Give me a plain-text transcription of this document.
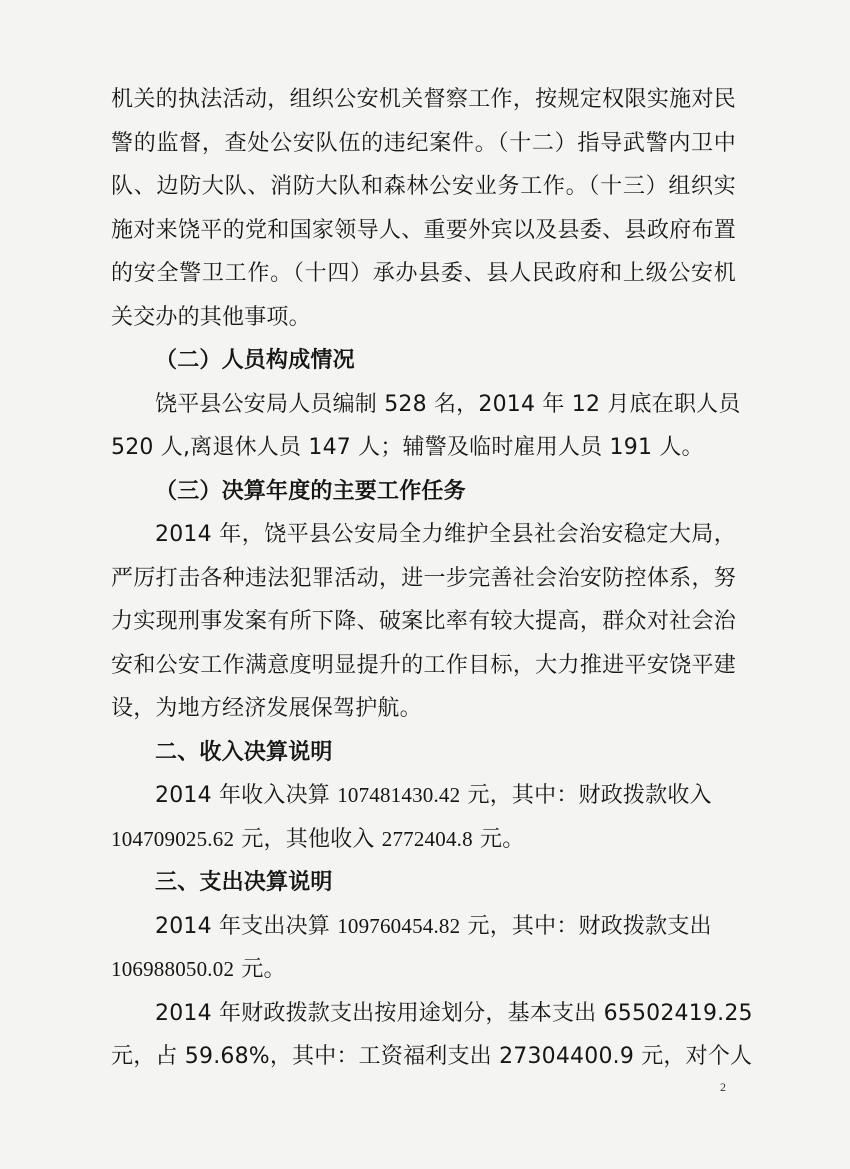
机关的执法活动，组织公安机关督察工作，按规定权限实施对民
警的监督，查处公安队伍的违纪案件。（十二）指导武警内卫中
队、边防大队、消防大队和森林公安业务工作。（十三）组织实
施对来饶平的党和国家领导人、重要外宾以及县委、县政府布置
的安全警卫工作。（十四）承办县委、县人民政府和上级公安机
关交办的其他事项。
（二）人员构成情况
饶平县公安局人员编制 528 名，2014 年 12 月底在职人员
520 人,离退休人员 147 人；辅警及临时雇用人员 191 人。
（三）决算年度的主要工作任务
2014 年，饶平县公安局全力维护全县社会治安稳定大局，
严厉打击各种违法犯罪活动，进一步完善社会治安防控体系，努
力实现刑事发案有所下降、破案比率有较大提高，群众对社会治
安和公安工作满意度明显提升的工作目标，大力推进平安饶平建
设，为地方经济发展保驾护航。
二、收入决算说明
2014 年收入决算 107481430.42 元，其中：财政拨款收入
104709025.62 元，其他收入 2772404.8 元。
三、支出决算说明
2014 年支出决算 109760454.82 元，其中：财政拨款支出
106988050.02 元。
2014 年财政拨款支出按用途划分，基本支出 65502419.25
元，占 59.68%，其中：工资福利支出 27304400.9 元，对个人
2
